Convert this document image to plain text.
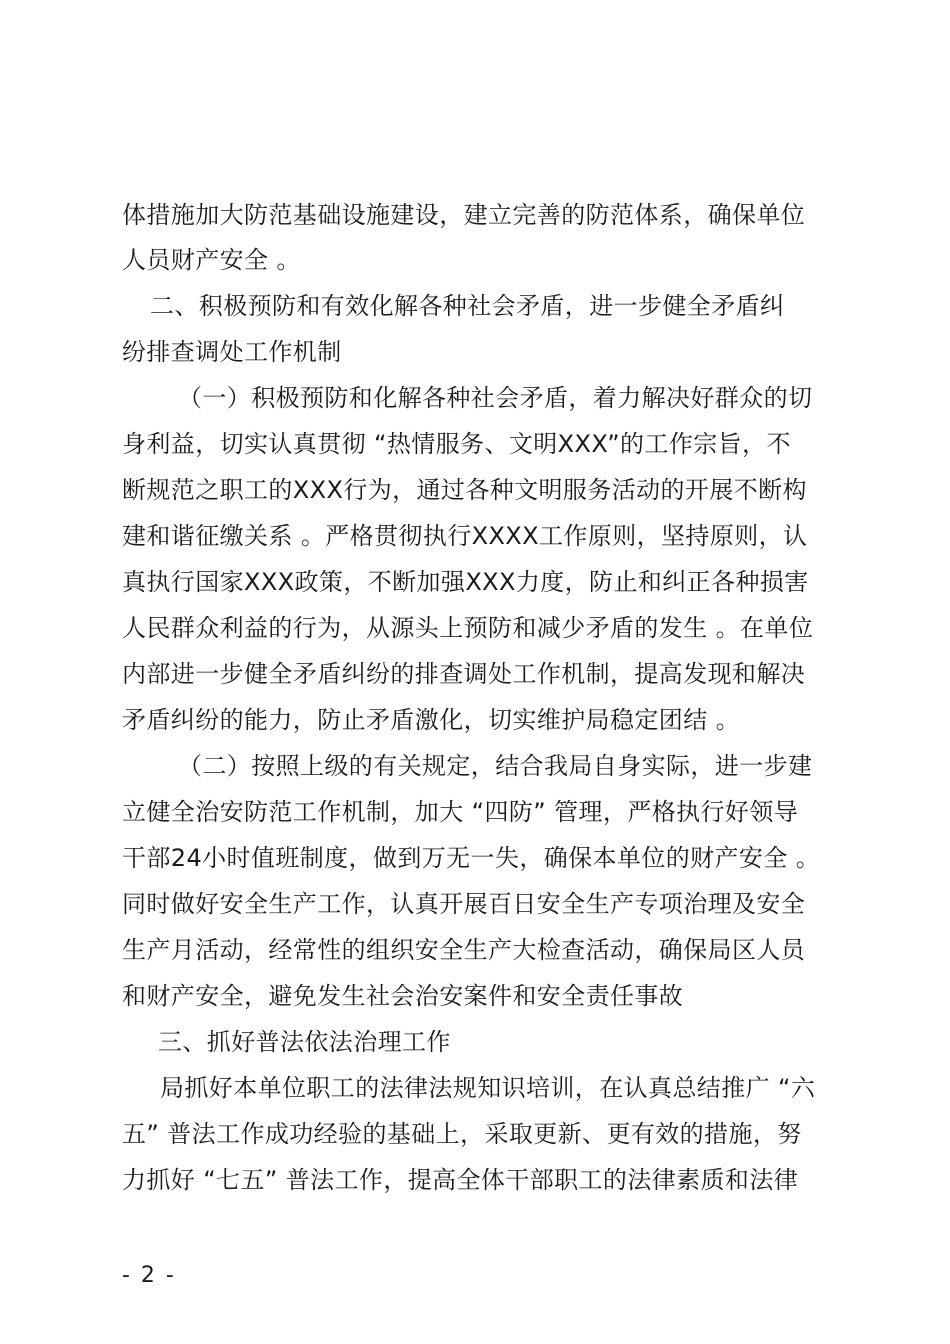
体措施加大防范基础设施建设，建立完善的防范体系，确保单位
人员财产安全 。
二、积极预防和有效化解各种社会矛盾，进一步健全矛盾纠
纷排查调处工作机制
（一）积极预防和化解各种社会矛盾，着力解决好群众的切
身利益，切实认真贯彻 “热情服务、文明XXX”的工作宗旨，不
断规范之职工的XXX行为，通过各种文明服务活动的开展不断构
建和谐征缴关系 。严格贯彻执行XXXX工作原则，坚持原则，认
真执行国家XXX政策，不断加强XXX力度，防止和纠正各种损害
人民群众利益的行为，从源头上预防和减少矛盾的发生 。在单位
内部进一步健全矛盾纠纷的排查调处工作机制，提高发现和解决
矛盾纠纷的能力，防止矛盾激化，切实维护局稳定团结 。
（二）按照上级的有关规定，结合我局自身实际，进一步建
立健全治安防范工作机制，加大 “四防” 管理，严格执行好领导
干部24小时值班制度，做到万无一失，确保本单位的财产安全 。
同时做好安全生产工作，认真开展百日安全生产专项治理及安全
生产月活动，经常性的组织安全生产大检查活动，确保局区人员
和财产安全，避免发生社会治安案件和安全责任事故
三、抓好普法依法治理工作
局抓好本单位职工的法律法规知识培训，在认真总结推广 “六
五” 普法工作成功经验的基础上，采取更新、更有效的措施，努
力抓好 “七五” 普法工作，提高全体干部职工的法律素质和法律
- 2 -
